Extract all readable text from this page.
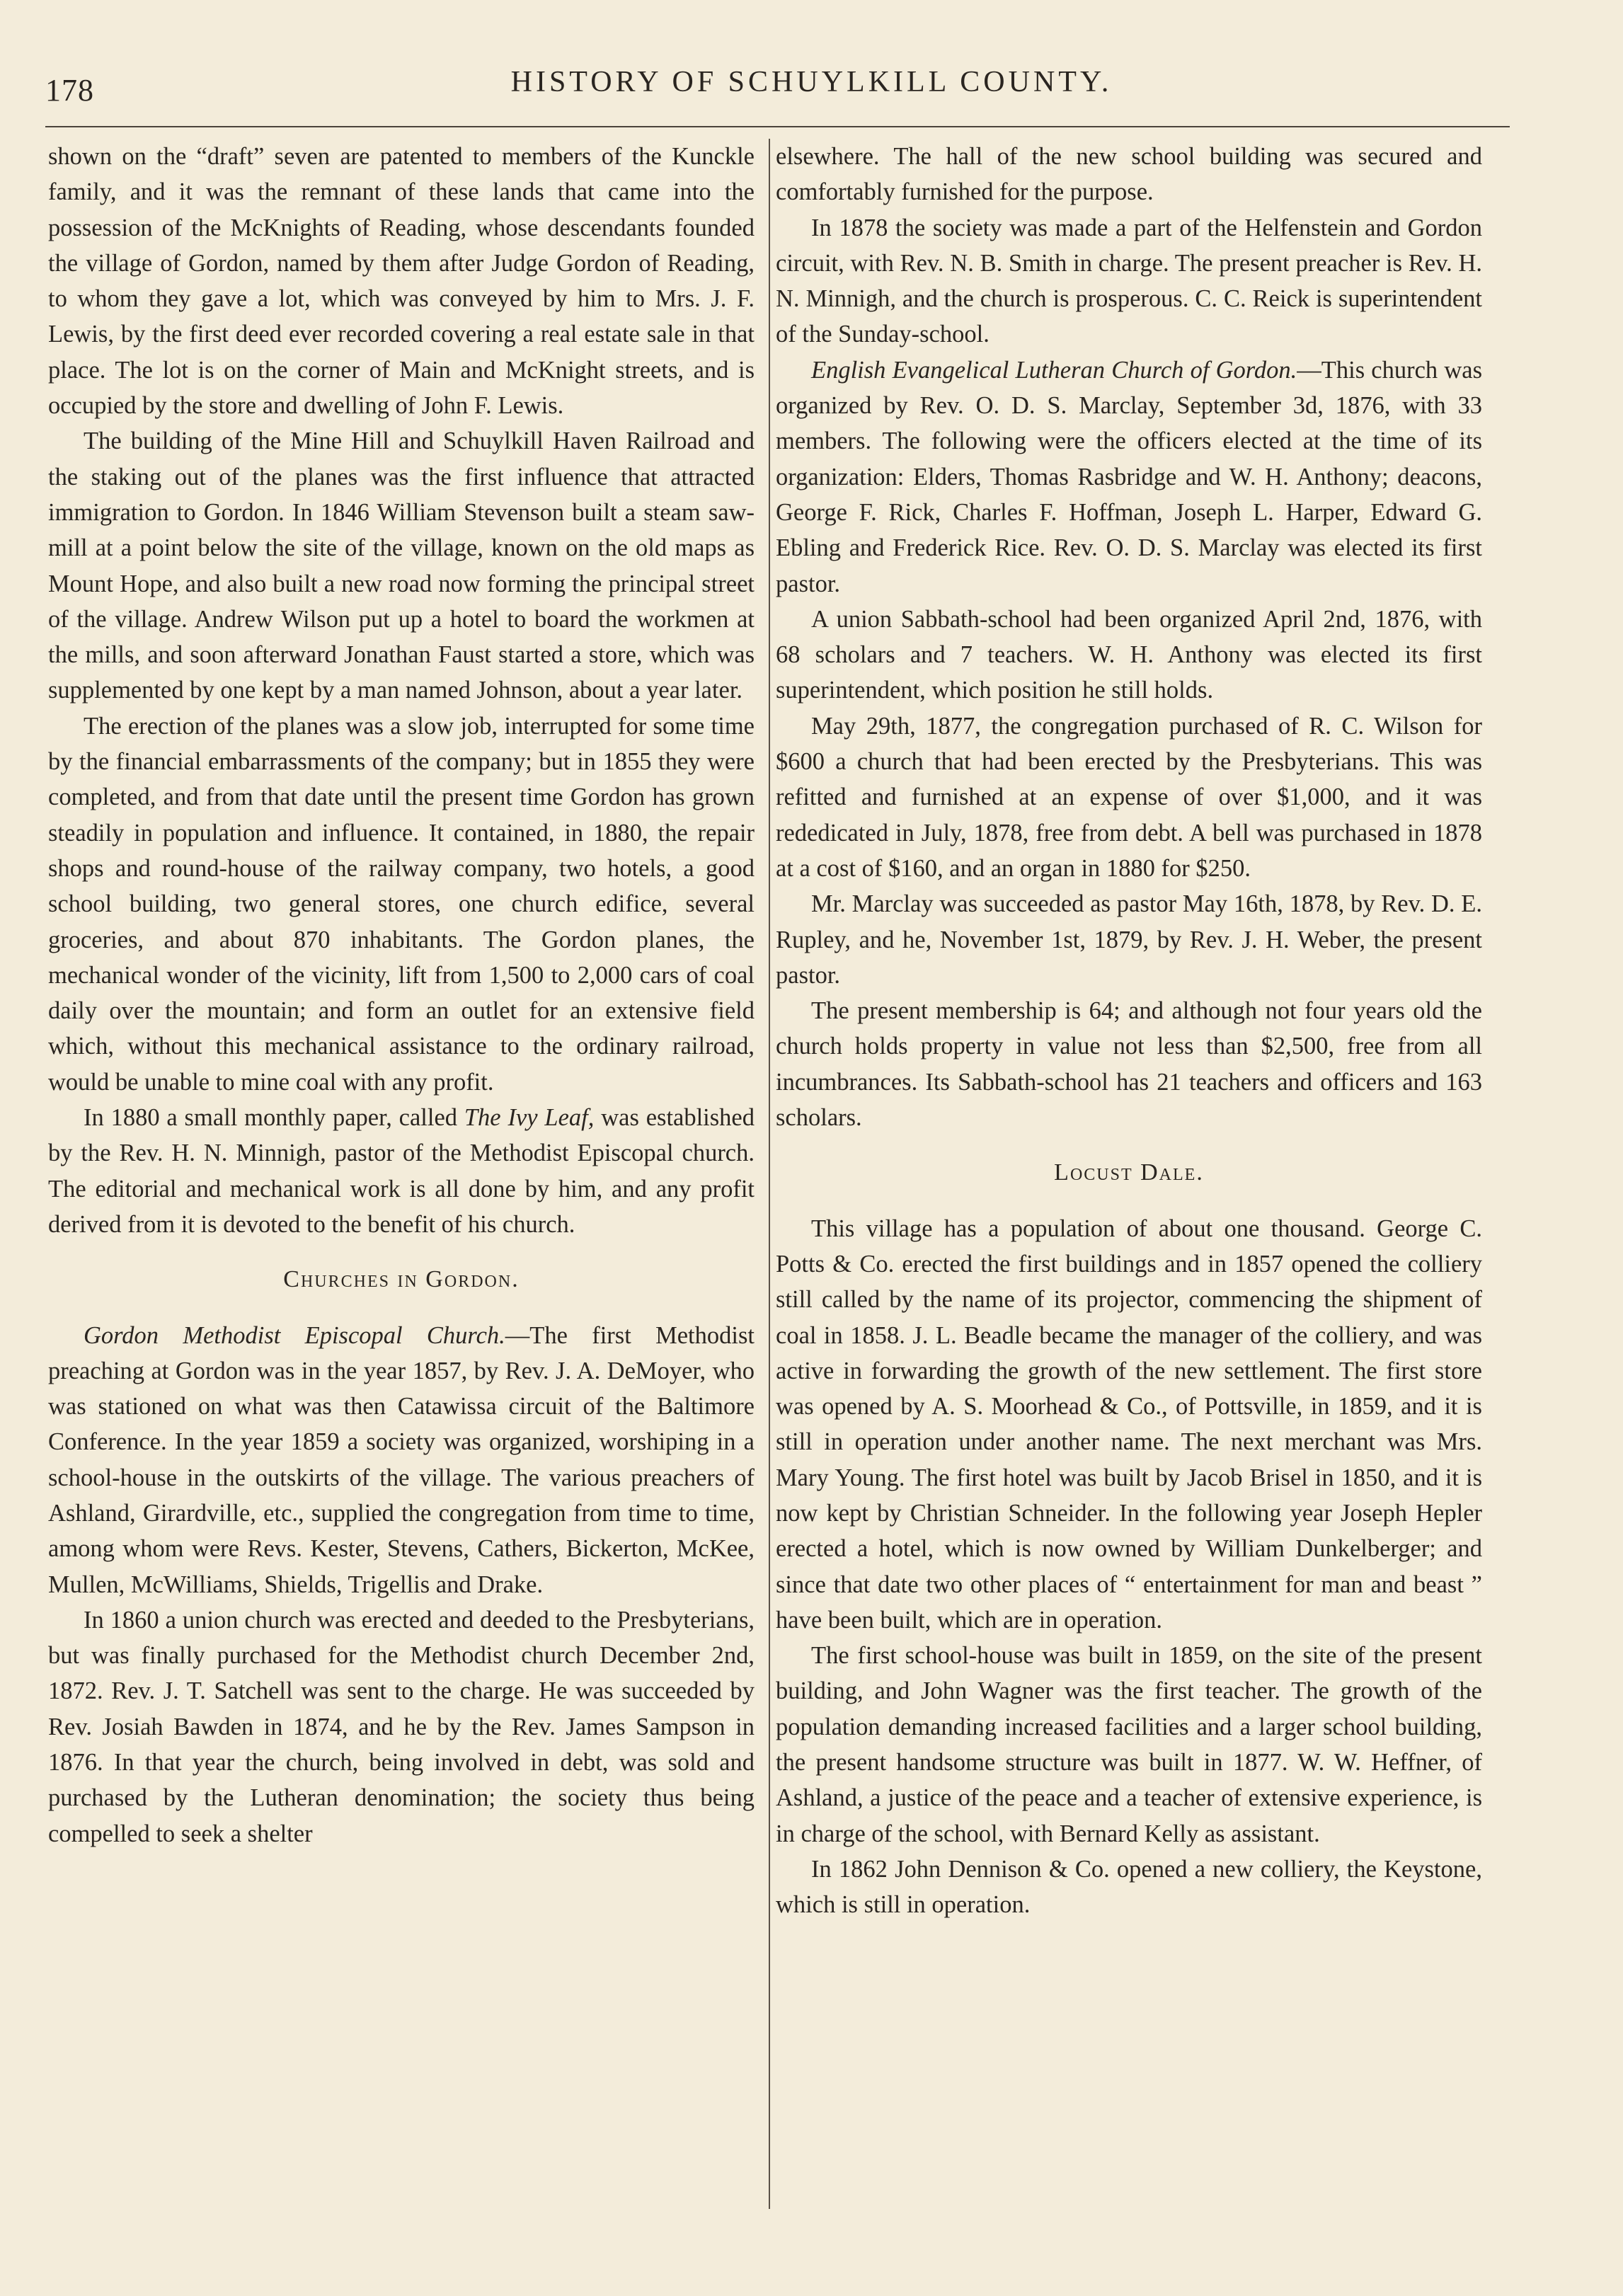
178	HISTORY OF SCHUYLKILL COUNTY.

shown on the “draft” seven are patented to members of the Kunckle family, and it was the remnant of these lands that came into the possession of the McKnights of Reading, whose descendants founded the village of Gordon, named by them after Judge Gordon of Reading, to whom they gave a lot, which was conveyed by him to Mrs. J. F. Lewis, by the first deed ever recorded covering a real estate sale in that place. The lot is on the corner of Main and McKnight streets, and is occupied by the store and dwelling of John F. Lewis.

The building of the Mine Hill and Schuylkill Haven Railroad and the staking out of the planes was the first influence that attracted immigration to Gordon. In 1846 William Stevenson built a steam saw-mill at a point below the site of the village, known on the old maps as Mount Hope, and also built a new road now forming the principal street of the village. Andrew Wilson put up a hotel to board the workmen at the mills, and soon afterward Jonathan Faust started a store, which was supplemented by one kept by a man named Johnson, about a year later.

The erection of the planes was a slow job, interrupted for some time by the financial embarrassments of the company; but in 1855 they were completed, and from that date until the present time Gordon has grown steadily in population and influence. It contained, in 1880, the repair shops and round-house of the railway company, two hotels, a good school building, two general stores, one church edifice, several groceries, and about 870 inhabitants. The Gordon planes, the mechanical wonder of the vicinity, lift from 1,500 to 2,000 cars of coal daily over the mountain; and form an outlet for an extensive field which, without this mechanical assistance to the ordinary railroad, would be unable to mine coal with any profit.

In 1880 a small monthly paper, called The Ivy Leaf, was established by the Rev. H. N. Minnigh, pastor of the Methodist Episcopal church. The editorial and mechanical work is all done by him, and any profit derived from it is devoted to the benefit of his church.

Churches in Gordon.

Gordon Methodist Episcopal Church.—The first Methodist preaching at Gordon was in the year 1857, by Rev. J. A. DeMoyer, who was stationed on what was then Catawissa circuit of the Baltimore Conference. In the year 1859 a society was organized, worshiping in a school-house in the outskirts of the village. The various preachers of Ashland, Girardville, etc., supplied the congregation from time to time, among whom were Revs. Kester, Stevens, Cathers, Bickerton, McKee, Mullen, McWilliams, Shields, Trigellis and Drake.

In 1860 a union church was erected and deeded to the Presbyterians, but was finally purchased for the Methodist church December 2nd, 1872. Rev. J. T. Satchell was sent to the charge. He was succeeded by Rev. Josiah Bawden in 1874, and he by the Rev. James Sampson in 1876. In that year the church, being involved in debt, was sold and purchased by the Lutheran denomination; the society thus being compelled to seek a shelter

elsewhere. The hall of the new school building was secured and comfortably furnished for the purpose.

In 1878 the society was made a part of the Helfenstein and Gordon circuit, with Rev. N. B. Smith in charge. The present preacher is Rev. H. N. Minnigh, and the church is prosperous. C. C. Reick is superintendent of the Sunday-school.

English Evangelical Lutheran Church of Gordon.—This church was organized by Rev. O. D. S. Marclay, September 3d, 1876, with 33 members. The following were the officers elected at the time of its organization: Elders, Thomas Rasbridge and W. H. Anthony; deacons, George F. Rick, Charles F. Hoffman, Joseph L. Harper, Edward G. Ebling and Frederick Rice. Rev. O. D. S. Marclay was elected its first pastor.

A union Sabbath-school had been organized April 2nd, 1876, with 68 scholars and 7 teachers. W. H. Anthony was elected its first superintendent, which position he still holds.

May 29th, 1877, the congregation purchased of R. C. Wilson for $600 a church that had been erected by the Presbyterians. This was refitted and furnished at an expense of over $1,000, and it was rededicated in July, 1878, free from debt. A bell was purchased in 1878 at a cost of $160, and an organ in 1880 for $250.

Mr. Marclay was succeeded as pastor May 16th, 1878, by Rev. D. E. Rupley, and he, November 1st, 1879, by Rev. J. H. Weber, the present pastor.

The present membership is 64; and although not four years old the church holds property in value not less than $2,500, free from all incumbrances. Its Sabbath-school has 21 teachers and officers and 163 scholars.

Locust Dale.

This village has a population of about one thousand. George C. Potts & Co. erected the first buildings and in 1857 opened the colliery still called by the name of its projector, commencing the shipment of coal in 1858. J. L. Beadle became the manager of the colliery, and was active in forwarding the growth of the new settlement. The first store was opened by A. S. Moorhead & Co., of Pottsville, in 1859, and it is still in operation under another name. The next merchant was Mrs. Mary Young. The first hotel was built by Jacob Brisel in 1850, and it is now kept by Christian Schneider. In the following year Joseph Hepler erected a hotel, which is now owned by William Dunkelberger; and since that date two other places of “ entertainment for man and beast ” have been built, which are in operation.

The first school-house was built in 1859, on the site of the present building, and John Wagner was the first teacher. The growth of the population demanding increased facilities and a larger school building, the present handsome structure was built in 1877. W. W. Heffner, of Ashland, a justice of the peace and a teacher of extensive experience, is in charge of the school, with Bernard Kelly as assistant.

In 1862 John Dennison & Co. opened a new colliery, the Keystone, which is still in operation.
